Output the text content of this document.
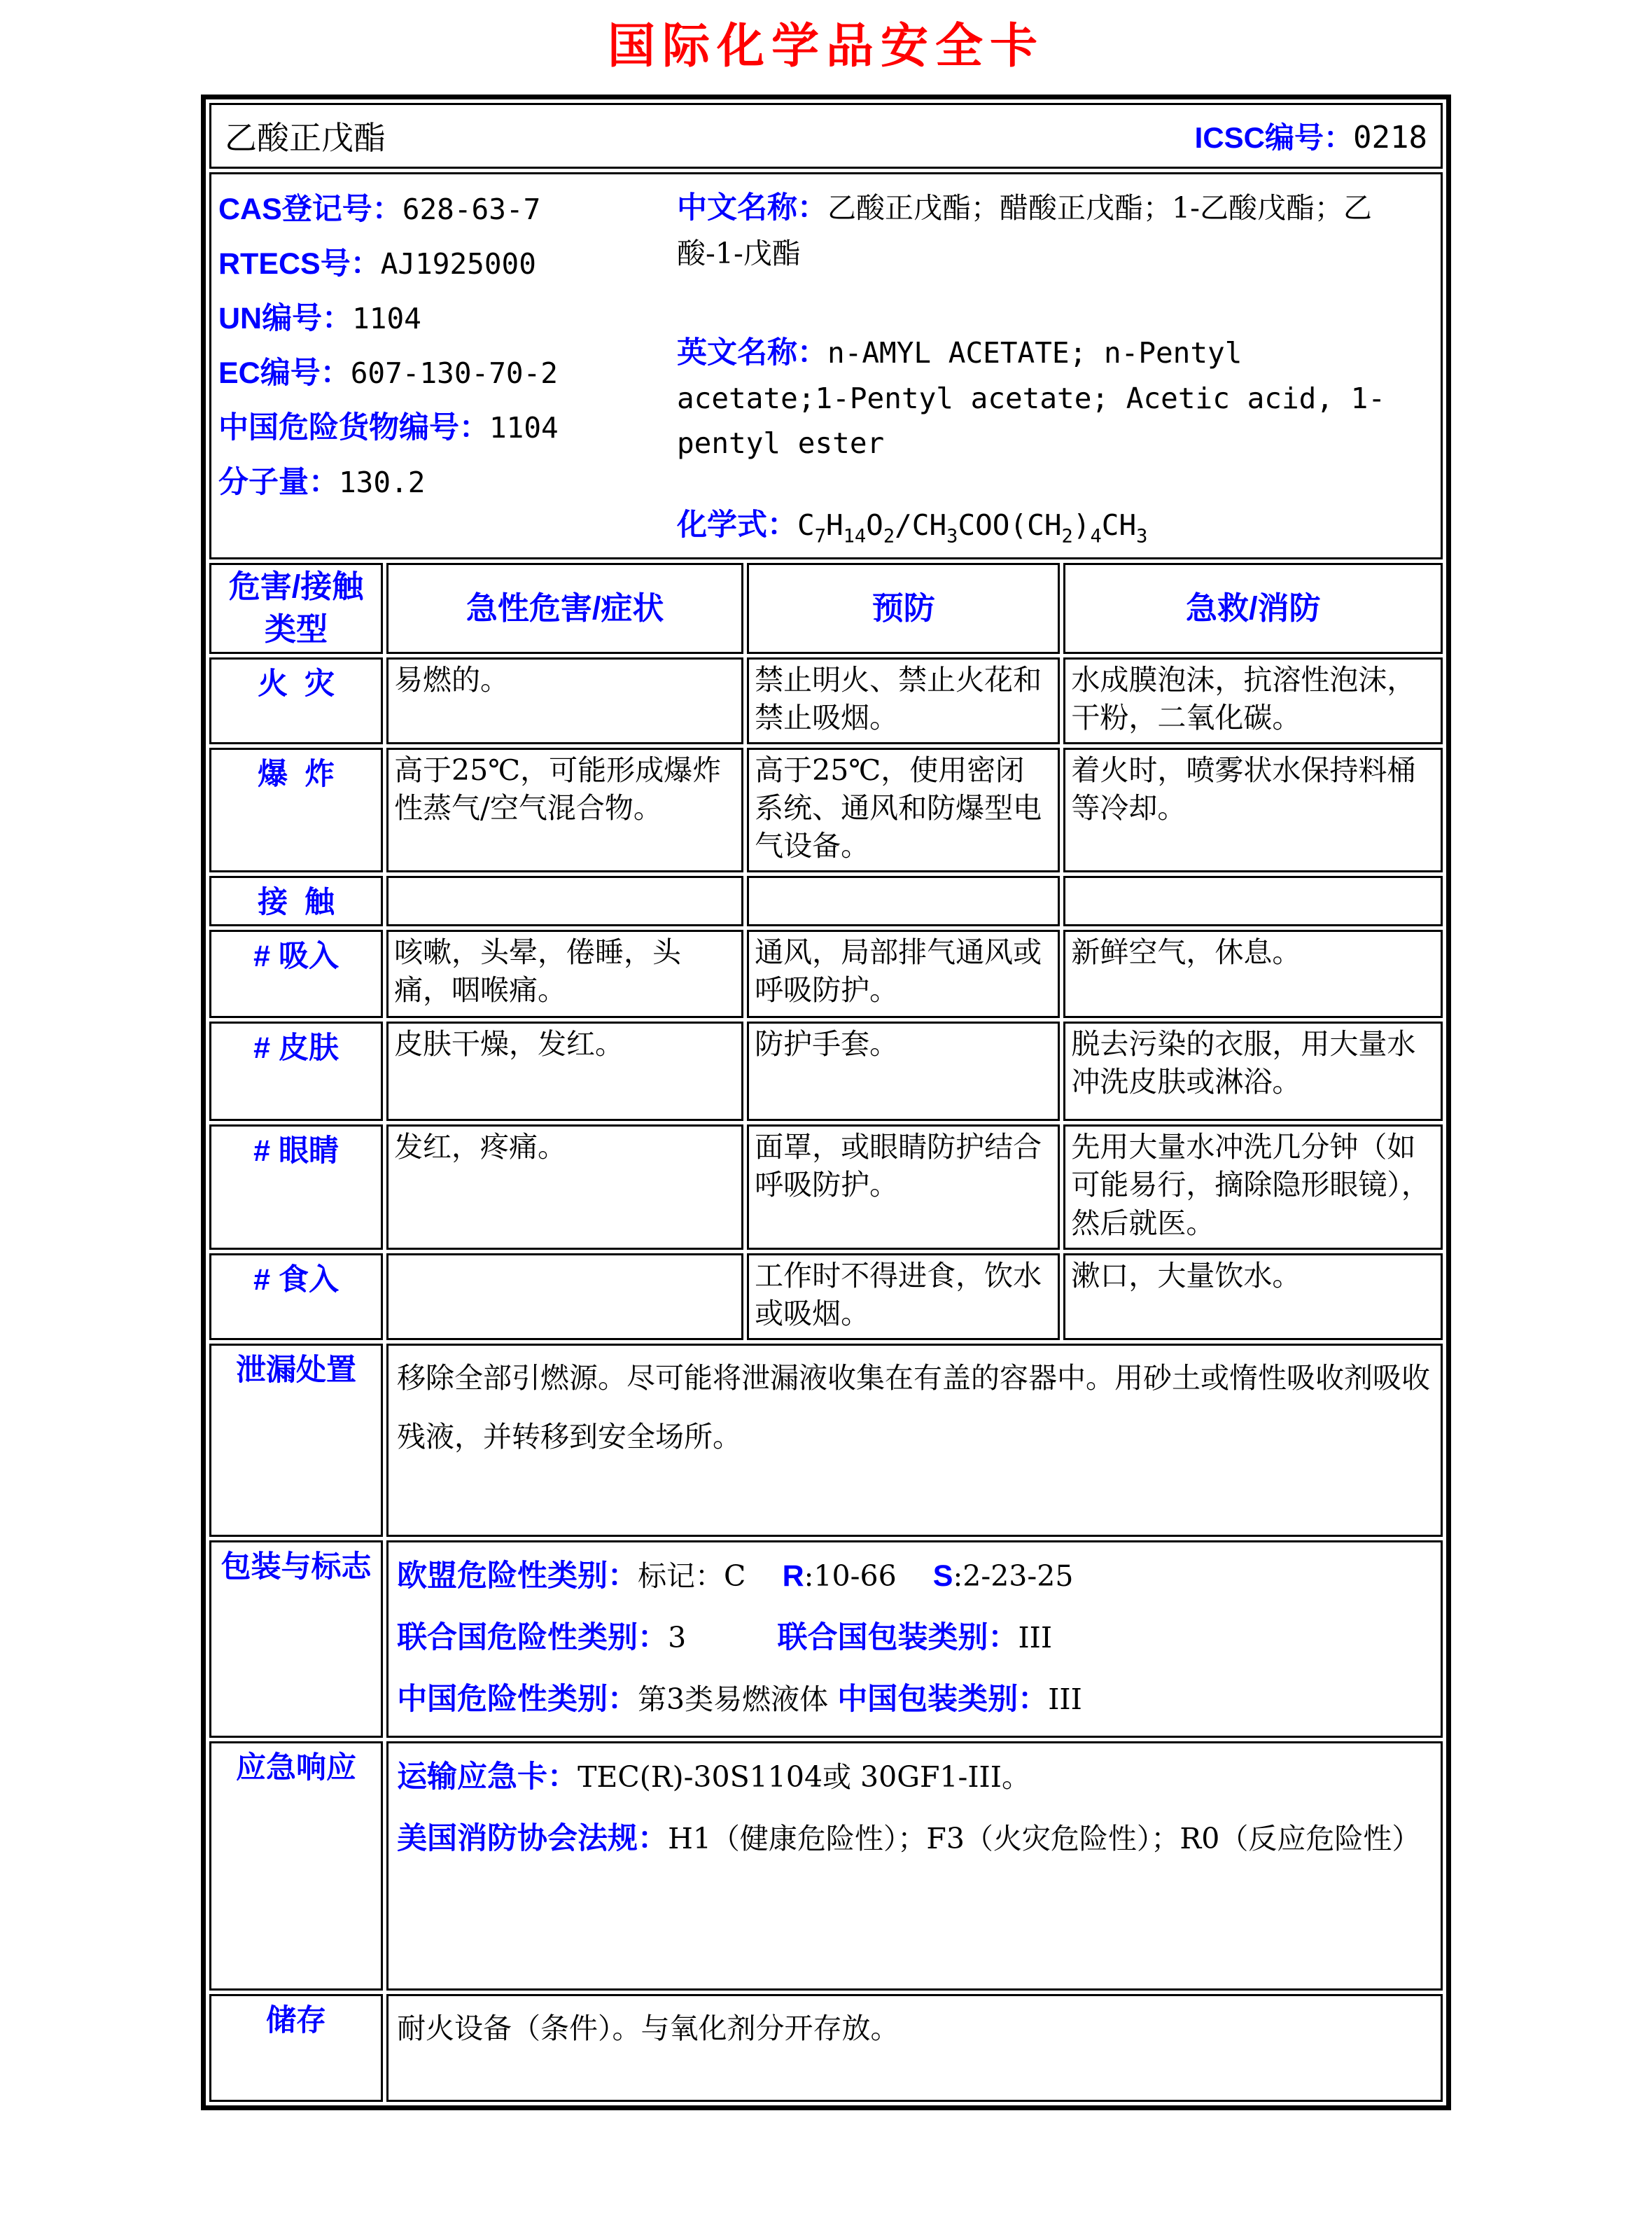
国际化学品安全卡
乙酸正戊酯 ICSC编号：0218			

CAS登记号：628-63-7
RTECS号：AJ1925000
UN编号：1104
EC编号：607-130-70-2
中国危险货物编号：1104
分子量：130.2
中文名称：乙酸正戊酯；醋酸正戊酯；1-乙酸戊酯；乙酸-1-戊酯
英文名称：n-AMYL ACETATE; n-Pentyl acetate;1-Pentyl acetate; Acetic acid, 1-pentyl ester
化学式：$C_7H_{14}O_2/CH_3COO(CH_2)_4CH_3$

危害/接触
类型	急性危害/症状	预防	急救/消防
火  灾	易燃的。	禁止明火、禁止火花和禁止吸烟。	水成膜泡沫，抗溶性泡沫，干粉，二氧化碳。
爆  炸	高于25℃，可能形成爆炸性蒸气/空气混合物。	高于25℃，使用密闭系统、通风和防爆型电气设备。	着火时，喷雾状水保持料桶等冷却。
接  触			
# 吸入	咳嗽，头晕，倦睡，头痛，咽喉痛。	通风，局部排气通风或呼吸防护。	新鲜空气，休息。
# 皮肤	皮肤干燥，发红。	防护手套。	脱去污染的衣服，用大量水冲洗皮肤或淋浴。
# 眼睛	发红，疼痛。	面罩，或眼睛防护结合呼吸防护。	先用大量水冲洗几分钟（如可能易行，摘除隐形眼镜），然后就医。
# 食入		工作时不得进食，饮水或吸烟。	漱口，大量饮水。
泄漏处置	移除全部引燃源。尽可能将泄漏液收集在有盖的容器中。用砂土或惰性吸收剂吸收残液，并转移到安全场所。		

包装与标志	欧盟危险性类别：标记：C    R:10-66    S:2-23-25
联合国危险性类别：3          联合国包装类别：III
中国危险性类别：第3类易燃液体 中国包装类别：III		

应急响应	运输应急卡：TEC(R)-30S1104或 30GF1-III。
美国消防协会法规：H1（健康危险性）；F3（火灾危险性）；R0（反应危险性）		

储存	耐火设备（条件）。与氧化剂分开存放。		
